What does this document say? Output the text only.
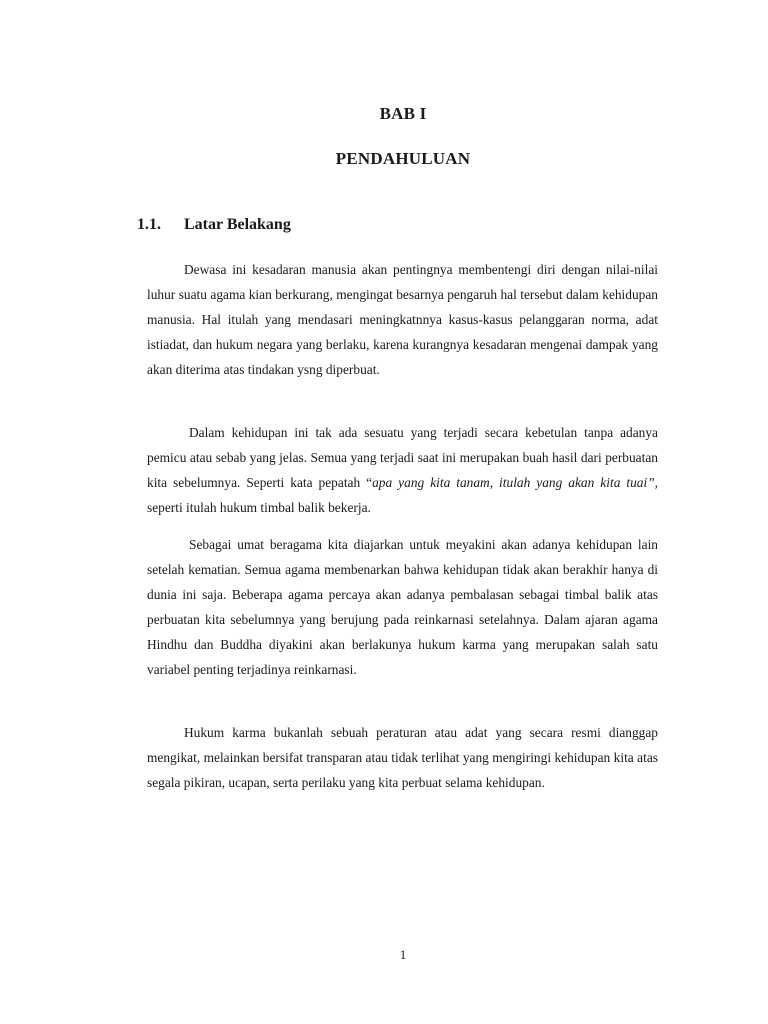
BAB I
PENDAHULUAN
1.1. Latar Belakang

Dewasa ini kesadaran manusia akan pentingnya membentengi diri dengan nilai-nilai luhur suatu agama kian berkurang, mengingat besarnya pengaruh hal tersebut dalam kehidupan manusia. Hal itulah yang mendasari meningkatnnya kasus-kasus pelanggaran norma, adat istiadat, dan hukum negara yang berlaku, karena kurangnya kesadaran mengenai dampak yang akan diterima atas tindakan ysng diperbuat.

Dalam kehidupan ini tak ada sesuatu yang terjadi secara kebetulan tanpa adanya pemicu atau sebab yang jelas. Semua yang terjadi saat ini merupakan buah hasil dari perbuatan kita sebelumnya. Seperti kata pepatah “apa yang kita tanam, itulah yang akan kita tuai”, seperti itulah hukum timbal balik bekerja.

Sebagai umat beragama kita diajarkan untuk meyakini akan adanya kehidupan lain setelah kematian. Semua agama membenarkan bahwa kehidupan tidak akan berakhir hanya di dunia ini saja. Beberapa agama percaya akan adanya pembalasan sebagai timbal balik atas perbuatan kita sebelumnya yang berujung pada reinkarnasi setelahnya. Dalam ajaran agama Hindhu dan Buddha diyakini akan berlakunya hukum karma yang merupakan salah satu variabel penting terjadinya reinkarnasi.

Hukum karma bukanlah sebuah peraturan atau adat yang secara resmi dianggap mengikat, melainkan bersifat transparan atau tidak terlihat yang mengiringi kehidupan kita atas segala pikiran, ucapan, serta perilaku yang kita perbuat selama kehidupan.

1
